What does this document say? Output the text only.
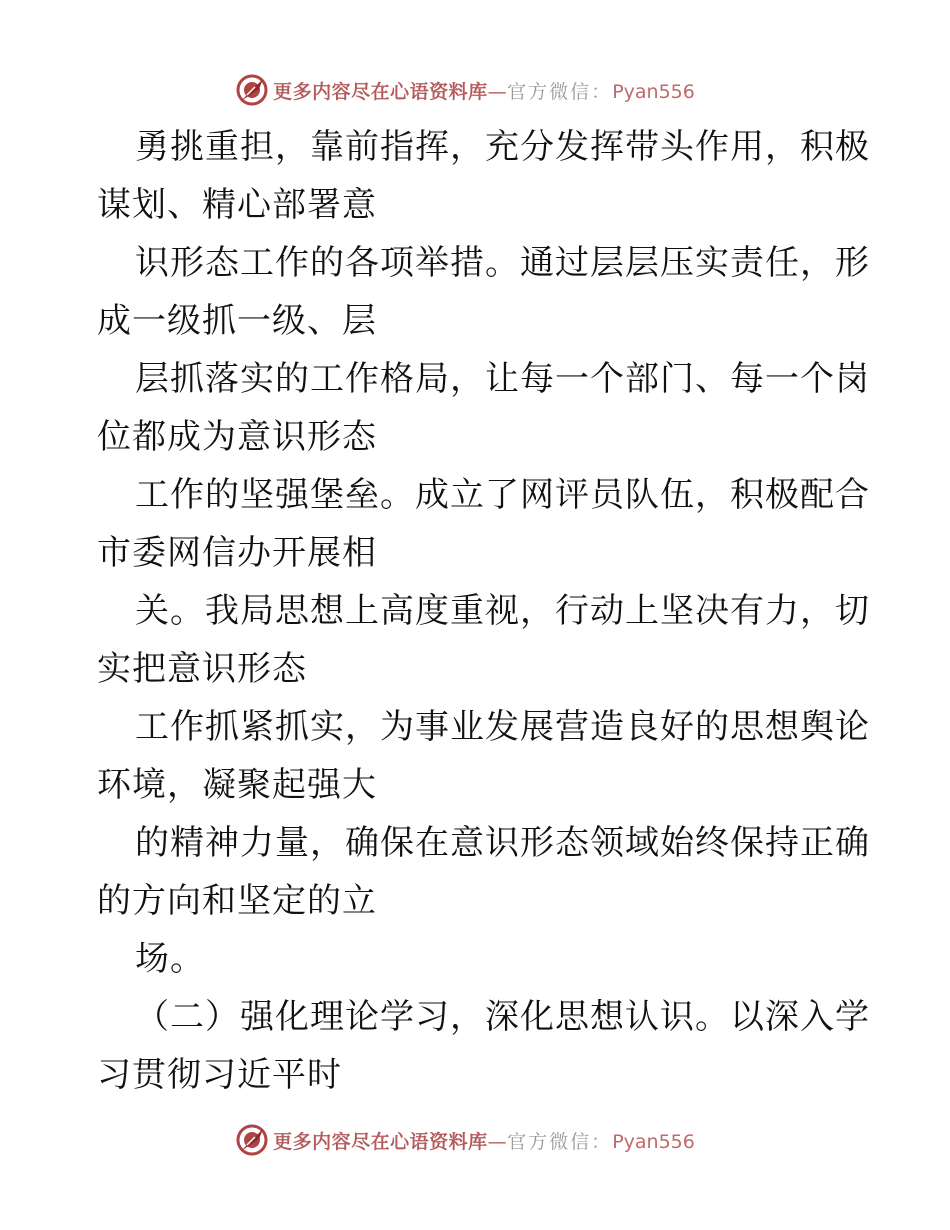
更多内容尽在心语资料库—官方微信：Pyan556
勇挑重担，靠前指挥，充分发挥带头作用，积极
谋划、精心部署意
识形态工作的各项举措。通过层层压实责任，形
成一级抓一级、层
层抓落实的工作格局，让每一个部门、每一个岗
位都成为意识形态
工作的坚强堡垒。成立了网评员队伍，积极配合
市委网信办开展相
关。我局思想上高度重视，行动上坚决有力，切
实把意识形态
工作抓紧抓实，为事业发展营造良好的思想舆论
环境，凝聚起强大
的精神力量，确保在意识形态领域始终保持正确
的方向和坚定的立
场。
（二）强化理论学习，深化思想认识。以深入学
习贯彻习近平时
更多内容尽在心语资料库—官方微信：Pyan556
